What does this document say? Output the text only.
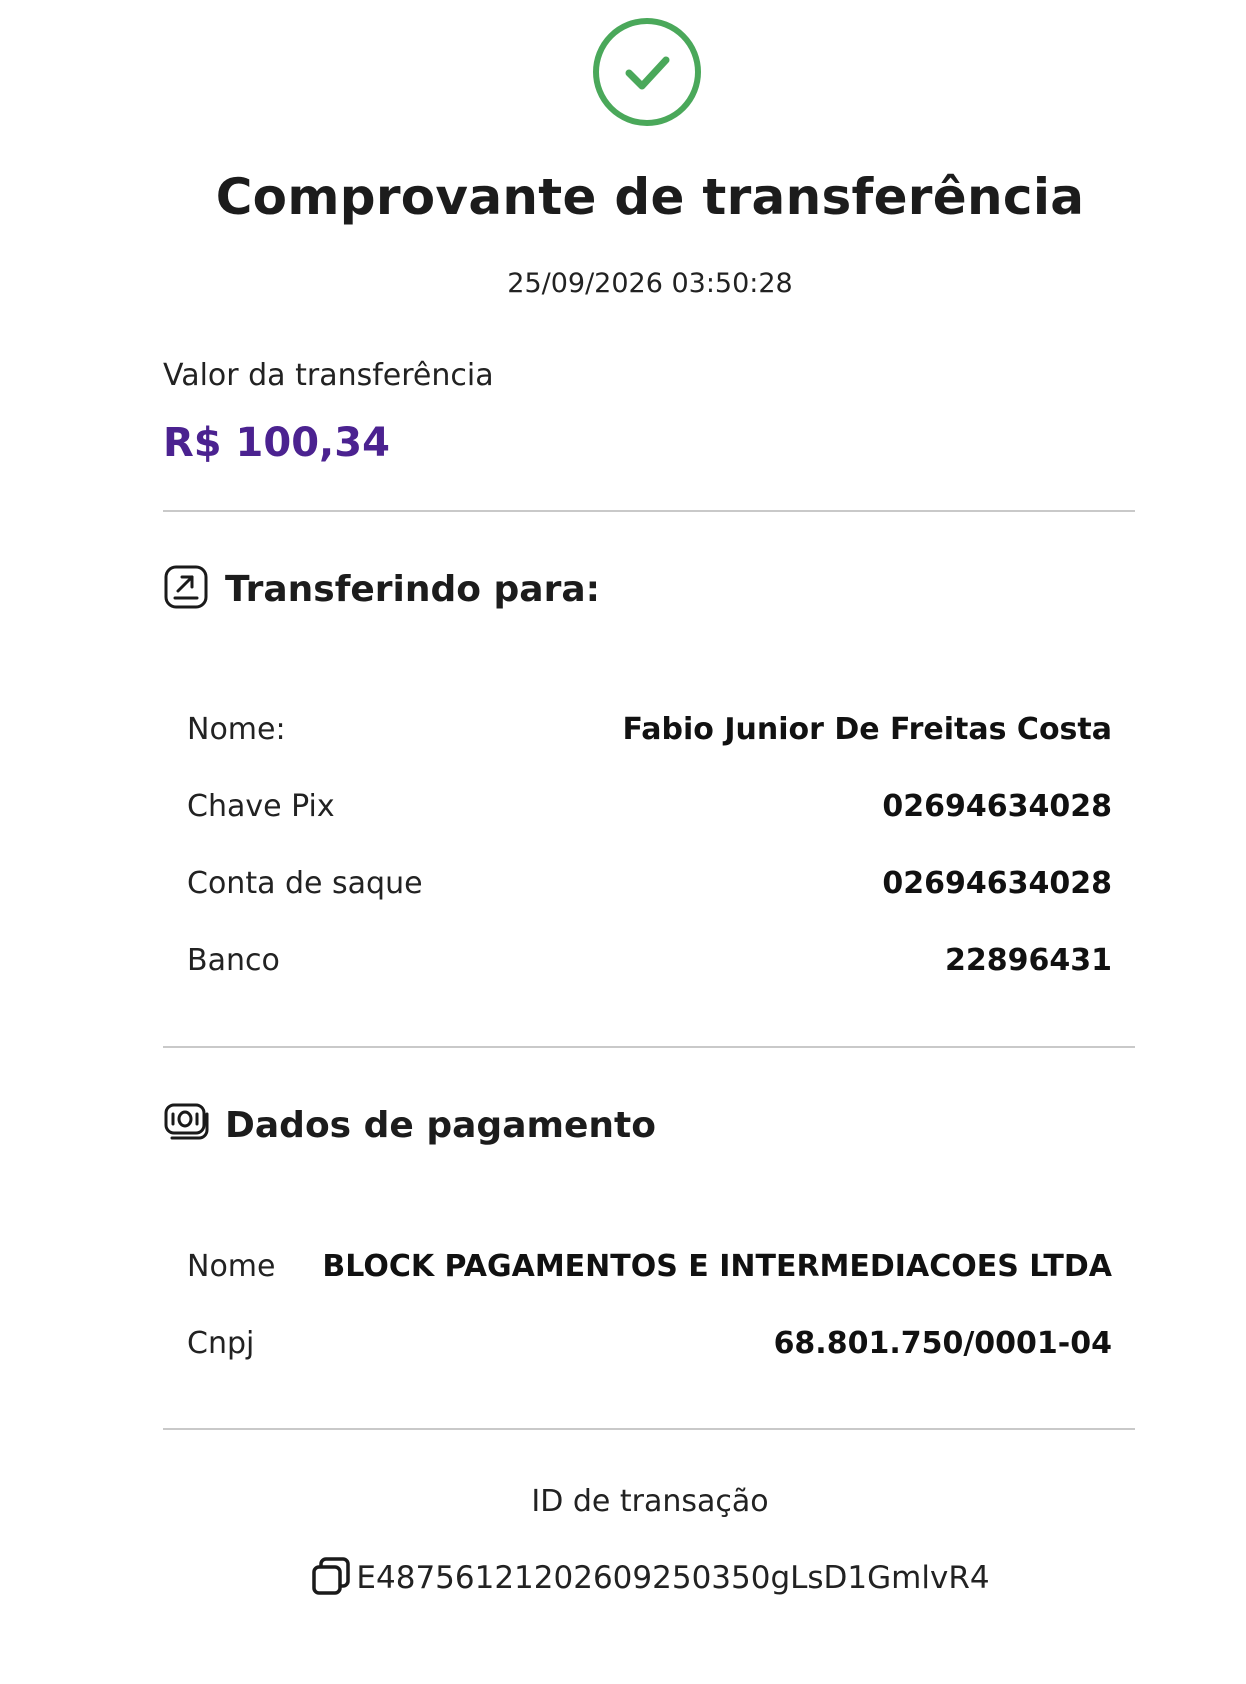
Comprovante de transferência
25/09/2026 03:50:28
Valor da transferência
R$ 100,34
Transferindo para:
Nome:	Fabio Junior De Freitas Costa
Chave Pix	02694634028
Conta de saque	02694634028
Banco	22896431
Dados de pagamento
Nome BLOCK PAGAMENTOS E INTERMEDIACOES LTDA
Cnpj	68.801.750/0001-04
ID de transação
E48756121202609250350gLsD1GmlvR4
